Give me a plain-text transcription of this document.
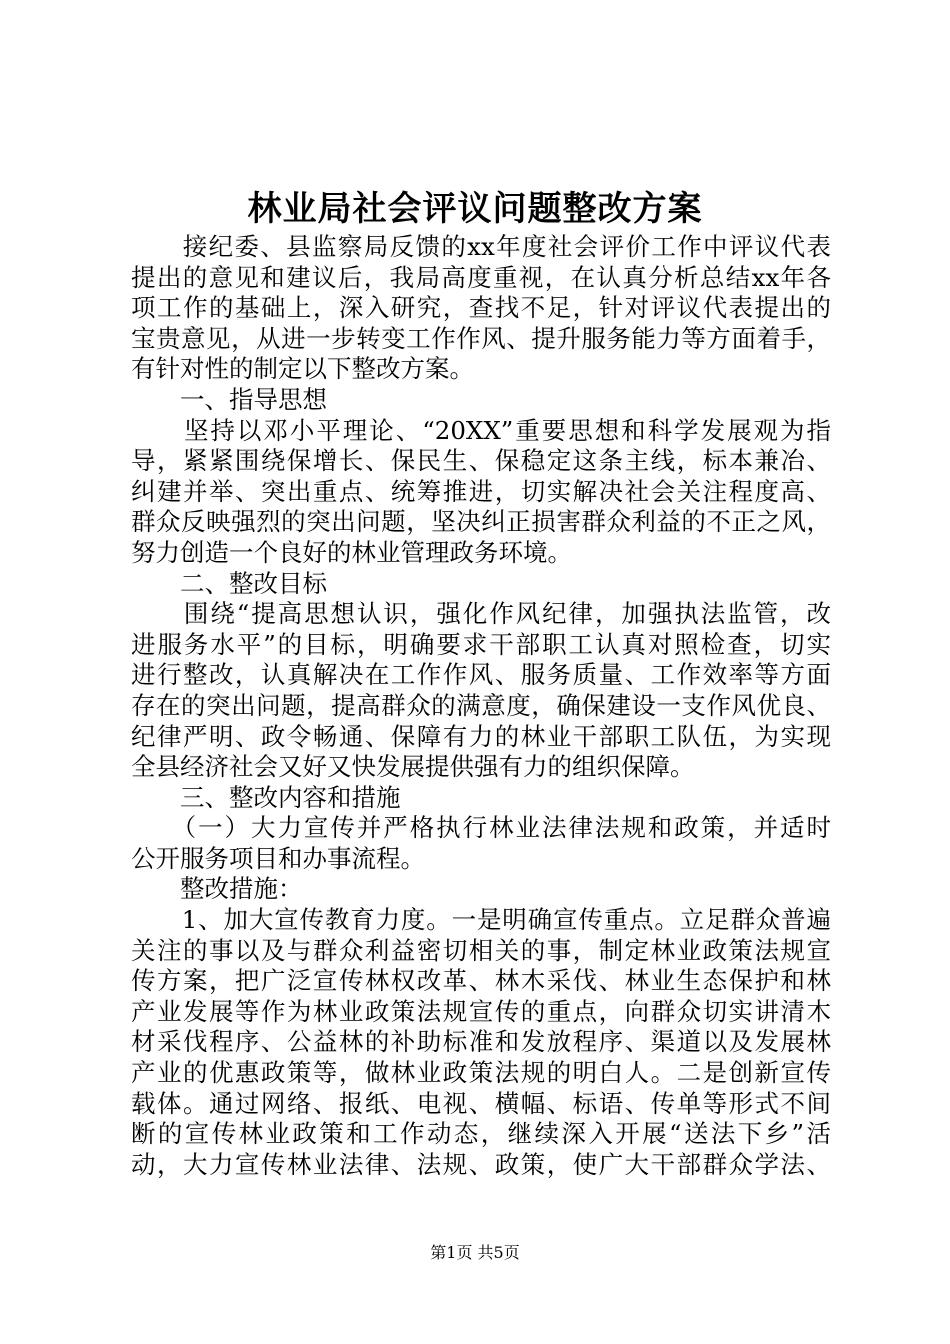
林业局社会评议问题整改方案
　　接纪委、县监察局反馈的xx年度社会评价工作中评议代表
提出的意见和建议后，我局高度重视，在认真分析总结xx年各
项工作的基础上，深入研究，查找不足，针对评议代表提出的
宝贵意见，从进一步转变工作作风、提升服务能力等方面着手，
有针对性的制定以下整改方案。
　　一、指导思想
　　坚持以邓小平理论、“20XX”重要思想和科学发展观为指
导，紧紧围绕保增长、保民生、保稳定这条主线，标本兼冶、
纠建并举、突出重点、统筹推进，切实解决社会关注程度高、
群众反映强烈的突出问题，坚决纠正损害群众利益的不正之风，
努力创造一个良好的林业管理政务环境。
　　二、整改目标
　　围绕“提高思想认识，强化作风纪律，加强执法监管，改
进服务水平”的目标，明确要求干部职工认真对照检查，切实
进行整改，认真解决在工作作风、服务质量、工作效率等方面
存在的突出问题，提高群众的满意度，确保建设一支作风优良、
纪律严明、政令畅通、保障有力的林业干部职工队伍，为实现
全县经济社会又好又快发展提供强有力的组织保障。
　　三、整改内容和措施
　　（一）大力宣传并严格执行林业法律法规和政策，并适时
公开服务项目和办事流程。
　　整改措施：
　　1、加大宣传教育力度。一是明确宣传重点。立足群众普遍
关注的事以及与群众利益密切相关的事，制定林业政策法规宣
传方案，把广泛宣传林权改革、林木采伐、林业生态保护和林
产业发展等作为林业政策法规宣传的重点，向群众切实讲清木
材采伐程序、公益林的补助标准和发放程序、渠道以及发展林
产业的优惠政策等，做林业政策法规的明白人。二是创新宣传
载体。通过网络、报纸、电视、横幅、标语、传单等形式不间
断的宣传林业政策和工作动态，继续深入开展“送法下乡”活
动，大力宣传林业法律、法规、政策，使广大干部群众学法、
第1页 共5页
